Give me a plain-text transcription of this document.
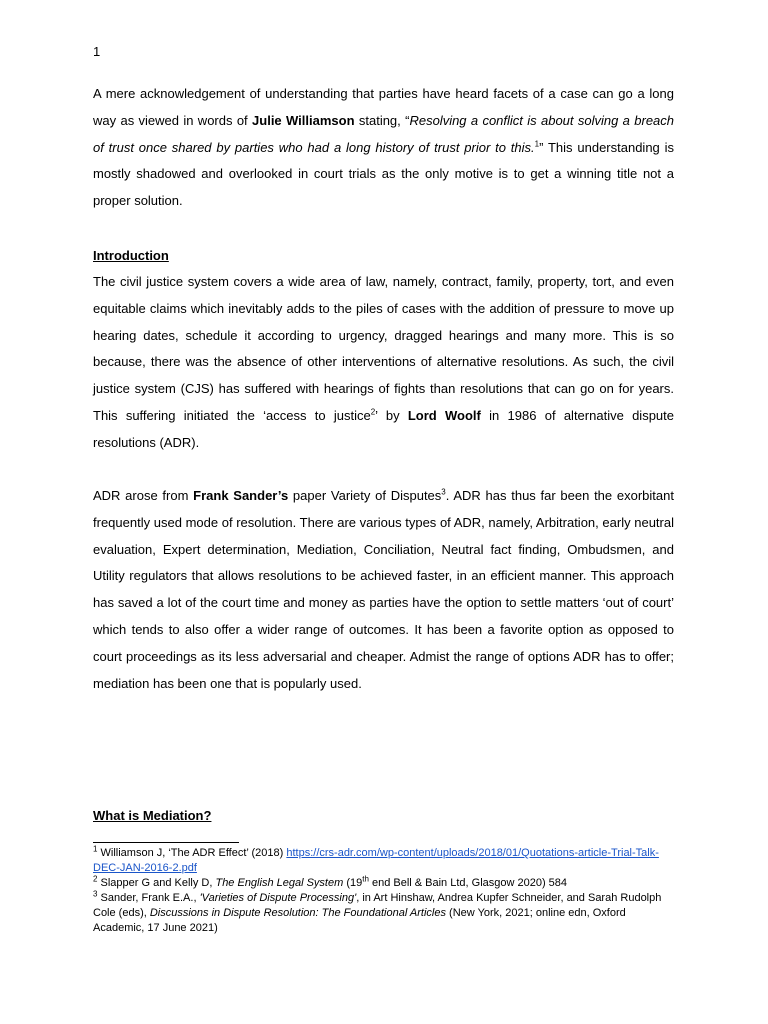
1

A mere acknowledgement of understanding that parties have heard facets of a case can go a long way as viewed in words of Julie Williamson stating, “Resolving a conflict is about solving a breach of trust once shared by parties who had a long history of trust prior to this.$^1$” This understanding is mostly shadowed and overlooked in court trials as the only motive is to get a winning title not a proper solution.

Introduction

The civil justice system covers a wide area of law, namely, contract, family, property, tort, and even equitable claims which inevitably adds to the piles of cases with the addition of pressure to move up hearing dates, schedule it according to urgency, dragged hearings and many more. This is so because, there was the absence of other interventions of alternative resolutions. As such, the civil justice system (CJS) has suffered with hearings of fights than resolutions that can go on for years. This suffering initiated the ‘access to justice$^2$’ by Lord Woolf in 1986 of alternative dispute resolutions (ADR).

ADR arose from Frank Sander’s paper Variety of Disputes$^3$. ADR has thus far been the exorbitant frequently used mode of resolution. There are various types of ADR, namely, Arbitration, early neutral evaluation, Expert determination, Mediation, Conciliation, Neutral fact finding, Ombudsmen, and Utility regulators that allows resolutions to be achieved faster, in an efficient manner. This approach has saved a lot of the court time and money as parties have the option to settle matters ‘out of court’ which tends to also offer a wider range of outcomes. It has been a favorite option as opposed to court proceedings as its less adversarial and cheaper. Admist the range of options ADR has to offer; mediation has been one that is popularly used.

What is Mediation?

$^1$ Williamson J, ‘The ADR Effect’ (2018) https://crs-adr.com/wp-content/uploads/2018/01/Quotations-article-Trial-Talk-DEC-JAN-2016-2.pdf

$^2$ Slapper G and Kelly D, The English Legal System (19th end Bell & Bain Ltd, Glasgow 2020) 584

$^3$ Sander, Frank E.A., 'Varieties of Dispute Processing', in Art Hinshaw, Andrea Kupfer Schneider, and Sarah Rudolph Cole (eds), Discussions in Dispute Resolution: The Foundational Articles (New York, 2021; online edn, Oxford Academic, 17 June 2021)
